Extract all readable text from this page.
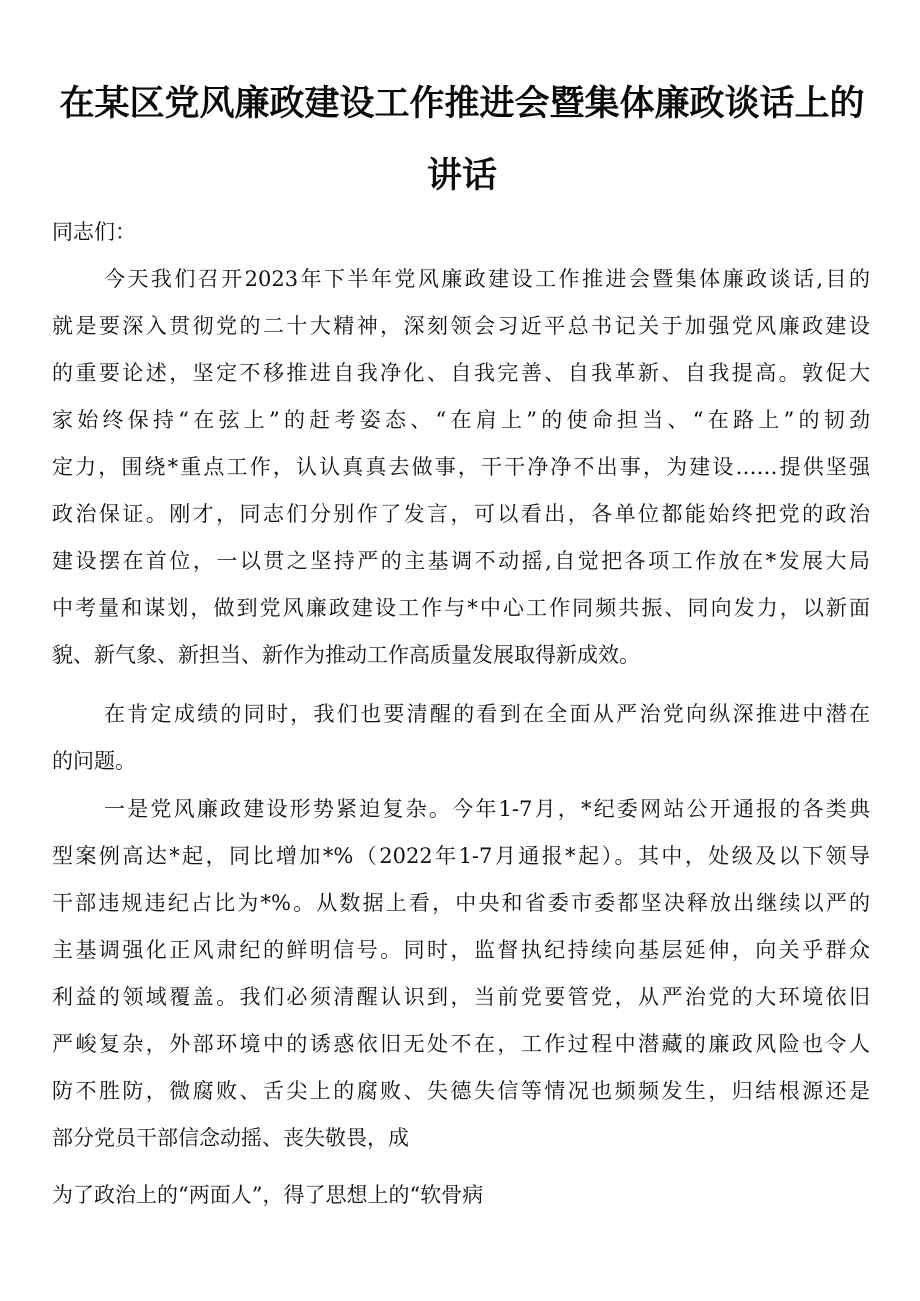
在某区党风廉政建设工作推进会暨集体廉政谈话上的
讲话
同志们：
今天我们召开2023年下半年党风廉政建设工作推进会暨集体廉政谈话,目的
就是要深入贯彻党的二十大精神，深刻领会习近平总书记关于加强党风廉政建设
的重要论述，坚定不移推进自我净化、自我完善、自我革新、自我提高。敦促大
家始终保持“在弦上”的赶考姿态、“在肩上”的使命担当、“在路上”的韧劲
定力，围绕*重点工作，认认真真去做事，干干净净不出事，为建设……提供坚强
政治保证。刚才，同志们分别作了发言，可以看出，各单位都能始终把党的政治
建设摆在首位，一以贯之坚持严的主基调不动摇,自觉把各项工作放在*发展大局
中考量和谋划，做到党风廉政建设工作与*中心工作同频共振、同向发力，以新面
貌、新气象、新担当、新作为推动工作高质量发展取得新成效。
在肯定成绩的同时，我们也要清醒的看到在全面从严治党向纵深推进中潜在
的问题。
一是党风廉政建设形势紧迫复杂。今年1-7月，*纪委网站公开通报的各类典
型案例高达*起，同比增加*%（2022年1-7月通报*起）。其中，处级及以下领导
干部违规违纪占比为*%。从数据上看，中央和省委市委都坚决释放出继续以严的
主基调强化正风肃纪的鲜明信号。同时，监督执纪持续向基层延伸，向关乎群众
利益的领域覆盖。我们必须清醒认识到，当前党要管党，从严治党的大环境依旧
严峻复杂，外部环境中的诱惑依旧无处不在，工作过程中潜藏的廉政风险也令人
防不胜防，微腐败、舌尖上的腐败、失德失信等情况也频频发生，归结根源还是
部分党员干部信念动摇、丧失敬畏，成
为了政治上的“两面人”，得了思想上的“软骨病
